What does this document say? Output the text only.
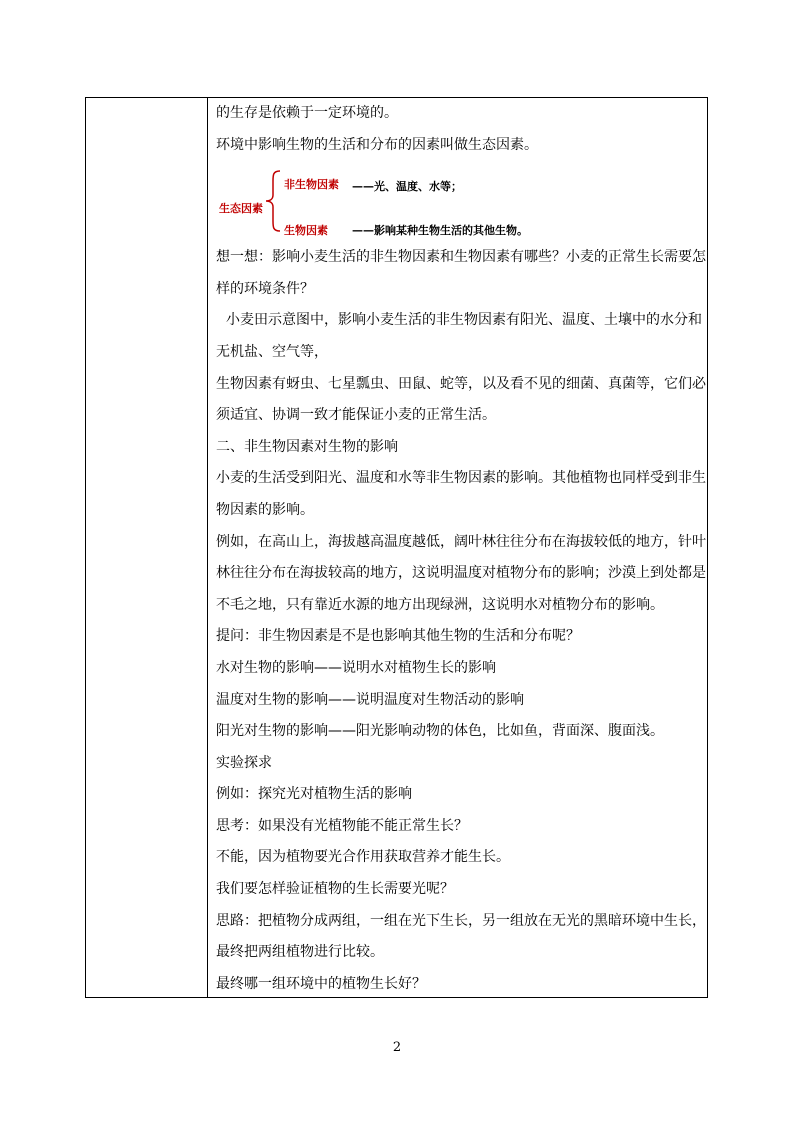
的生存是依赖于一定环境的。
环境中影响生物的生活和分布的因素叫做生态因素。
生态因素
非生物因素 ——光、温度、水等；
生物因素 ——影响某种生物生活的其他生物。
想一想：影响小麦生活的非生物因素和生物因素有哪些？小麦的正常生长需要怎
样的环境条件？
小麦田示意图中，影响小麦生活的非生物因素有阳光、温度、土壤中的水分和
无机盐、空气等，
生物因素有蚜虫、七星瓢虫、田鼠、蛇等，以及看不见的细菌、真菌等，它们必
须适宜、协调一致才能保证小麦的正常生活。
二、非生物因素对生物的影响
小麦的生活受到阳光、温度和水等非生物因素的影响。其他植物也同样受到非生
物因素的影响。
例如，在高山上，海拔越高温度越低，阔叶林往往分布在海拔较低的地方，针叶
林往往分布在海拔较高的地方，这说明温度对植物分布的影响；沙漠上到处都是
不毛之地，只有靠近水源的地方出现绿洲，这说明水对植物分布的影响。
提问：非生物因素是不是也影响其他生物的生活和分布呢？
水对生物的影响——说明水对植物生长的影响
温度对生物的影响——说明温度对生物活动的影响
阳光对生物的影响——阳光影响动物的体色，比如鱼，背面深、腹面浅。
实验探求
例如：探究光对植物生活的影响
思考：如果没有光植物能不能正常生长？
不能，因为植物要光合作用获取营养才能生长。
我们要怎样验证植物的生长需要光呢？
思路：把植物分成两组，一组在光下生长，另一组放在无光的黑暗环境中生长，
最终把两组植物进行比较。
最终哪一组环境中的植物生长好？
2
